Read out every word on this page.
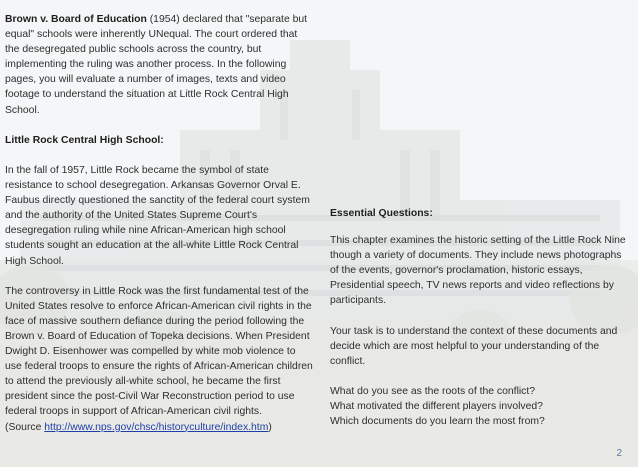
Brown v. Board of Education (1954) declared that "separate but equal" schools were inherently UNequal. The court ordered that the desegregated public schools across the country, but implementing the ruling was another process. In the following pages, you will evaluate a number of images, texts and video footage to understand the situation at Little Rock Central High School.

Little Rock Central High School:

In the fall of 1957, Little Rock became the symbol of state resistance to school desegregation. Arkansas Governor Orval E. Faubus directly questioned the sanctity of the federal court system and the authority of the United States Supreme Court's desegregation ruling while nine African-American high school students sought an education at the all-white Little Rock Central High School.

The controversy in Little Rock was the first fundamental test of the United States resolve to enforce African-American civil rights in the face of massive southern defiance during the period following the Brown v. Board of Education of Topeka decisions. When President Dwight D. Eisenhower was compelled by white mob violence to use federal troops to ensure the rights of African-American children to attend the previously all-white school, he became the first president since the post-Civil War Reconstruction period to use federal troops in support of African-American civil rights.
(Source http://www.nps.gov/chsc/historyculture/index.htm)

Essential Questions:

This chapter examines the historic setting of the Little Rock Nine though a variety of documents. They include news photographs of the events, governor's proclamation, historic essays, Presidential speech, TV news reports and video reflections by participants.

Your task is to understand the context of these documents and decide which are most helpful to your understanding of the conflict.

What do you see as the roots of the conflict?
What motivated the different players involved?
Which documents do you learn the most from?

2
